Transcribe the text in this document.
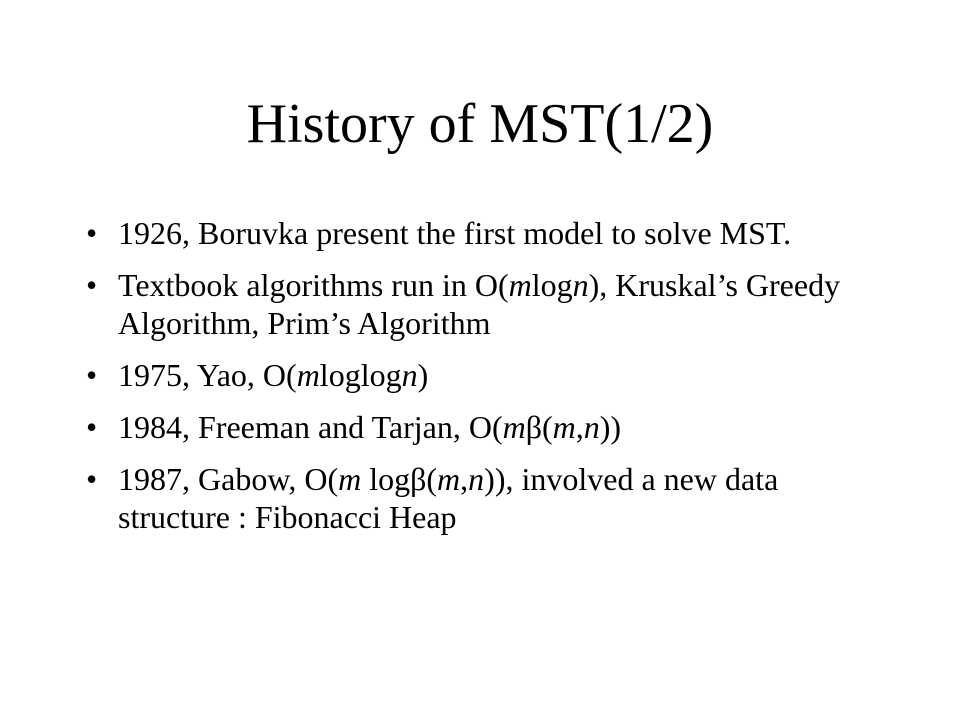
History of MST(1/2)
• 1926, Boruvka present the first model to solve MST.
• Textbook algorithms run in O(mlogn), Kruskal’s Greedy Algorithm, Prim’s Algorithm
• 1975, Yao, O(mloglogn)
• 1984, Freeman and Tarjan, O(mβ(m,n))
• 1987, Gabow, O(m logβ(m,n)), involved a new data structure : Fibonacci Heap
